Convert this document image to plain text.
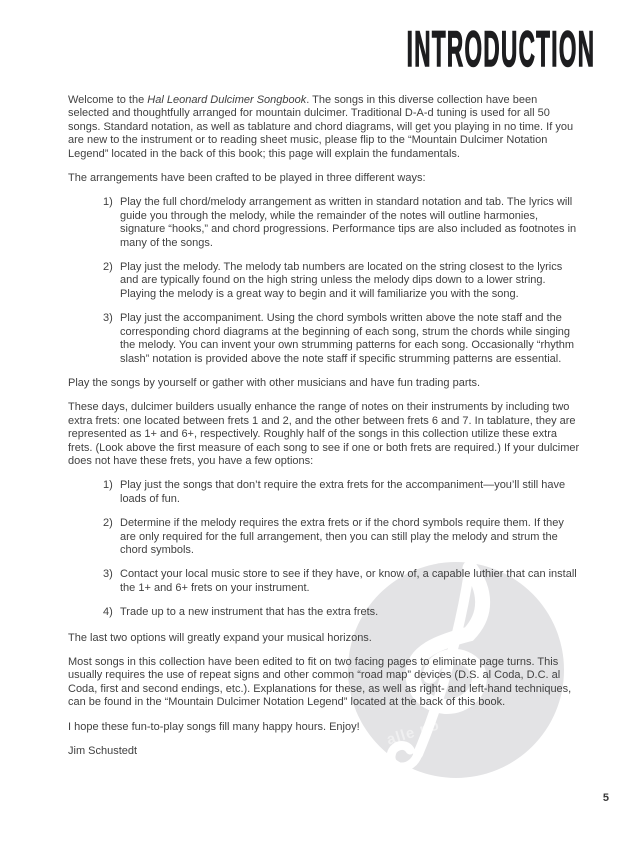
alle no
INTRODUCTION

Welcome to the Hal Leonard Dulcimer Songbook. The songs in this diverse collection have been selected and thoughtfully arranged for mountain dulcimer. Traditional D-A-d tuning is used for all 50 songs. Standard notation, as well as tablature and chord diagrams, will get you playing in no time. If you are new to the instrument or to reading sheet music, please flip to the “Mountain Dulcimer Notation Legend” located in the back of this book; this page will explain the fundamentals.

The arrangements have been crafted to be played in three different ways:

1) Play the full chord/melody arrangement as written in standard notation and tab. The lyrics will guide you through the melody, while the remainder of the notes will outline harmonies, signature “hooks,” and chord progressions. Performance tips are also included as footnotes in many of the songs.
2) Play just the melody. The melody tab numbers are located on the string closest to the lyrics and are typically found on the high string unless the melody dips down to a lower string. Playing the melody is a great way to begin and it will familiarize you with the song.
3) Play just the accompaniment. Using the chord symbols written above the note staff and the corresponding chord diagrams at the beginning of each song, strum the chords while singing the melody. You can invent your own strumming patterns for each song. Occasionally “rhythm slash” notation is provided above the note staff if specific strumming patterns are essential.

Play the songs by yourself or gather with other musicians and have fun trading parts.

These days, dulcimer builders usually enhance the range of notes on their instruments by including two extra frets: one located between frets 1 and 2, and the other between frets 6 and 7. In tablature, they are represented as 1+ and 6+, respectively. Roughly half of the songs in this collection utilize these extra frets. (Look above the first measure of each song to see if one or both frets are required.) If your dulcimer does not have these frets, you have a few options:

1) Play just the songs that don’t require the extra frets for the accompaniment—you’ll still have loads of fun.
2) Determine if the melody requires the extra frets or if the chord symbols require them. If they are only required for the full arrangement, then you can still play the melody and strum the chord symbols.
3) Contact your local music store to see if they have, or know of, a capable luthier that can install the 1+ and 6+ frets on your instrument.
4) Trade up to a new instrument that has the extra frets.

The last two options will greatly expand your musical horizons.

Most songs in this collection have been edited to fit on two facing pages to eliminate page turns. This usually requires the use of repeat signs and other common “road map” devices (D.S. al Coda, D.C. al Coda, first and second endings, etc.). Explanations for these, as well as right- and left-hand techniques, can be found in the “Mountain Dulcimer Notation Legend” located at the back of this book.

I hope these fun-to-play songs fill many happy hours. Enjoy!

Jim Schustedt

5
